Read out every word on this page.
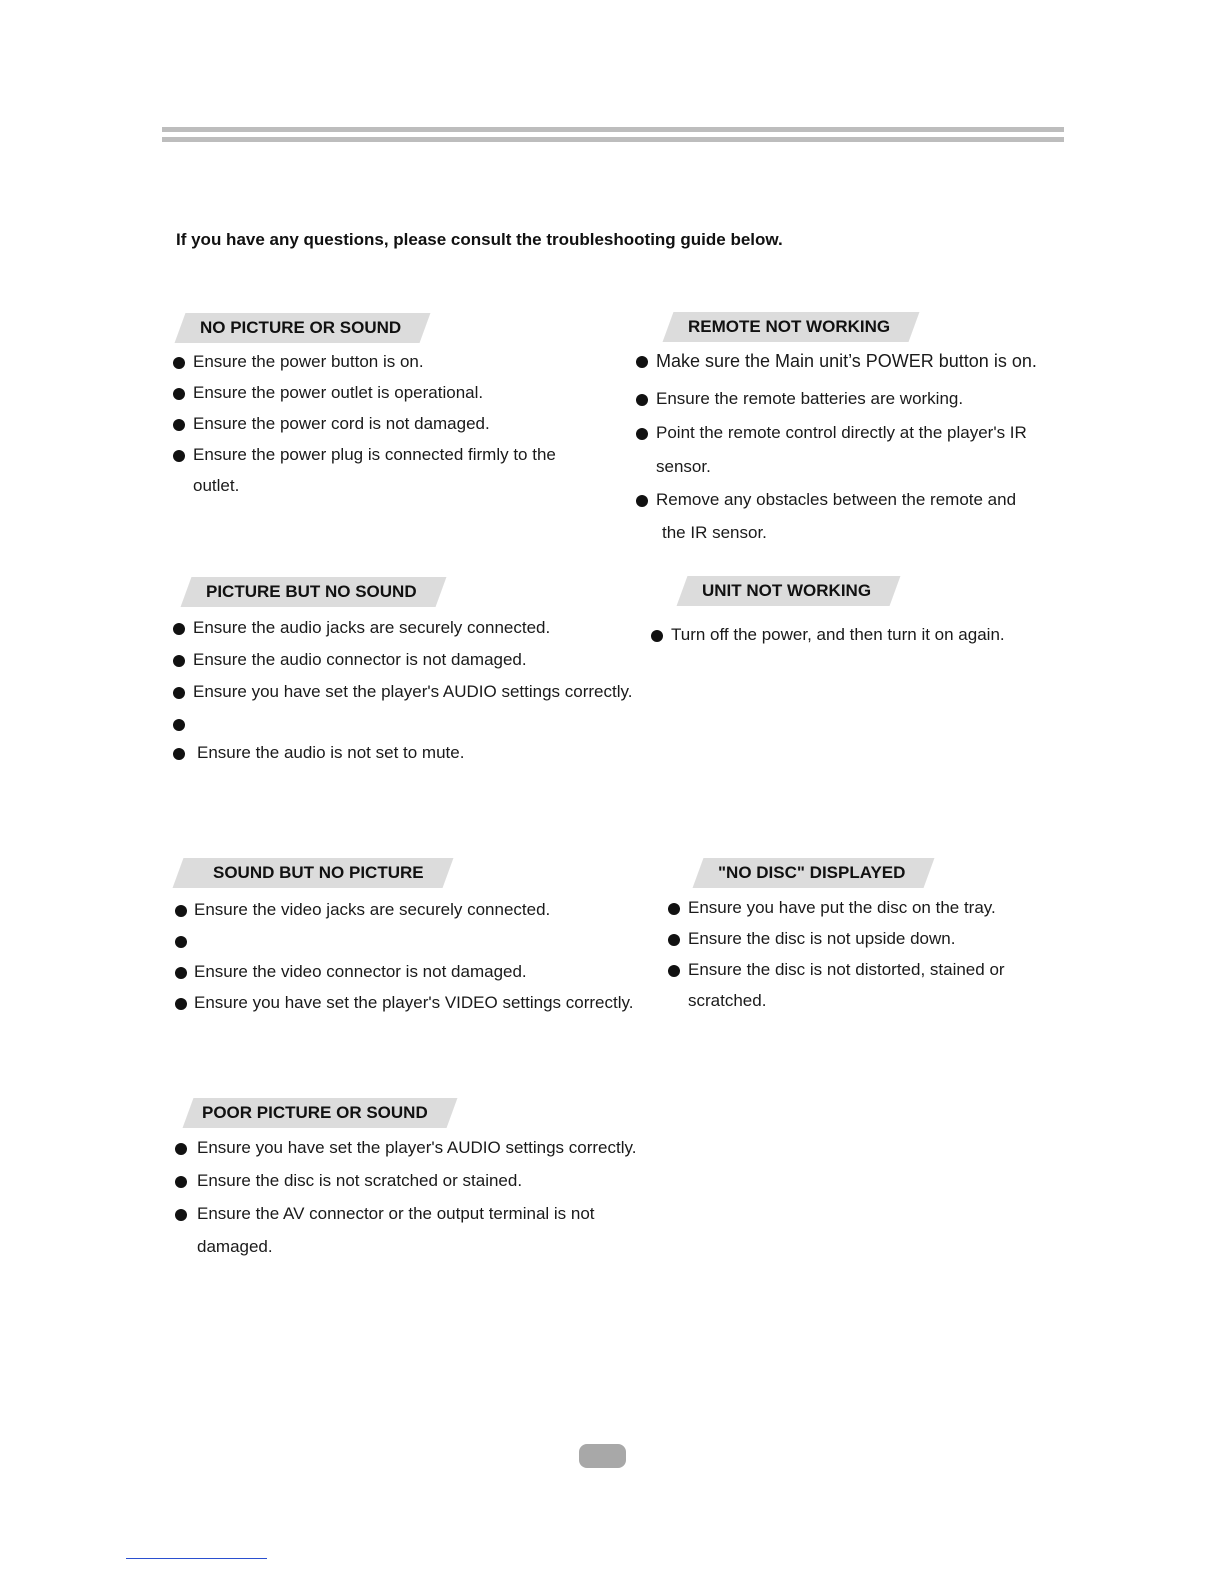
If you have any questions, please consult the troubleshooting guide below.
NO PICTURE OR SOUND
Ensure the power button is on.
Ensure the power outlet is operational.
Ensure the power cord is not damaged.
Ensure the power plug is connected firmly to the
outlet.
REMOTE NOT WORKING
Make sure the Main unit’s POWER button is on.
Ensure the remote batteries are working.
Point the remote control directly at the player's IR
sensor.
Remove any obstacles between the remote and
the IR sensor.
PICTURE BUT NO SOUND
Ensure the audio jacks are securely connected.
Ensure the audio connector is not damaged.
Ensure you have set the player's AUDIO settings correctly.
Ensure the audio is not set to mute.
UNIT NOT WORKING
Turn off the power, and then turn it on again.
SOUND BUT NO PICTURE
Ensure the video jacks are securely connected.
Ensure the video connector is not damaged.
Ensure you have set the player's VIDEO settings correctly.
"NO DISC" DISPLAYED
Ensure you have put the disc on the tray.
Ensure the disc is not upside down.
Ensure the disc is not distorted, stained or
scratched.
POOR PICTURE OR SOUND
Ensure you have set the player's AUDIO settings correctly.
Ensure the disc is not scratched or stained.
Ensure the AV connector or the output terminal is not
damaged.
